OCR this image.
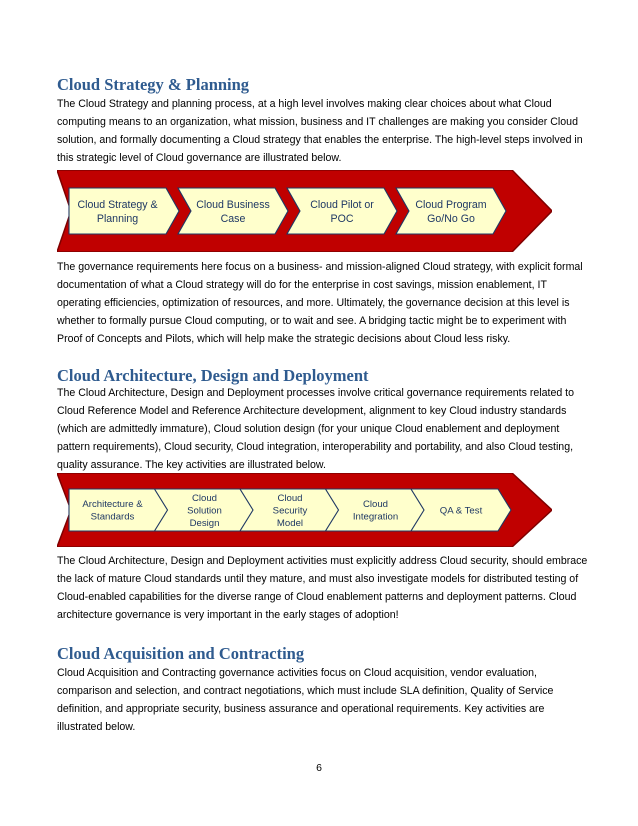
Cloud Strategy & Planning

The Cloud Strategy and planning process, at a high level involves making clear choices about what Cloud computing means to an organization, what mission, business and IT challenges are making you consider Cloud solution, and formally documenting a Cloud strategy that enables the enterprise. The high-level steps involved in this strategic level of Cloud governance are illustrated below.

Cloud Strategy &
Planning
Cloud Business
Case
Cloud Pilot or
POC
Cloud Program
Go/No Go

The governance requirements here focus on a business- and mission-aligned Cloud strategy, with explicit formal documentation of what a Cloud strategy will do for the enterprise in cost savings, mission enablement, IT operating efficiencies, optimization of resources, and more. Ultimately, the governance decision at this level is whether to formally pursue Cloud computing, or to wait and see. A bridging tactic might be to experiment with Proof of Concepts and Pilots, which will help make the strategic decisions about Cloud less risky.

Cloud Architecture, Design and Deployment

The Cloud Architecture, Design and Deployment processes involve critical governance requirements related to Cloud Reference Model and Reference Architecture development, alignment to key Cloud industry standards (which are admittedly immature), Cloud solution design (for your unique Cloud enablement and deployment pattern requirements), Cloud security, Cloud integration, interoperability and portability, and also Cloud testing, quality assurance. The key activities are illustrated below.

Architecture &
Standards
Cloud
Solution
Design
Cloud
Security
Model
Cloud
Integration
QA & Test

The Cloud Architecture, Design and Deployment activities must explicitly address Cloud security, should embrace the lack of mature Cloud standards until they mature, and must also investigate models for distributed testing of Cloud-enabled capabilities for the diverse range of Cloud enablement patterns and deployment patterns. Cloud architecture governance is very important in the early stages of adoption!

Cloud Acquisition and Contracting

Cloud Acquisition and Contracting governance activities focus on Cloud acquisition, vendor evaluation, comparison and selection, and contract negotiations, which must include SLA definition, Quality of Service definition, and appropriate security, business assurance and operational requirements. Key activities are illustrated below.

6
